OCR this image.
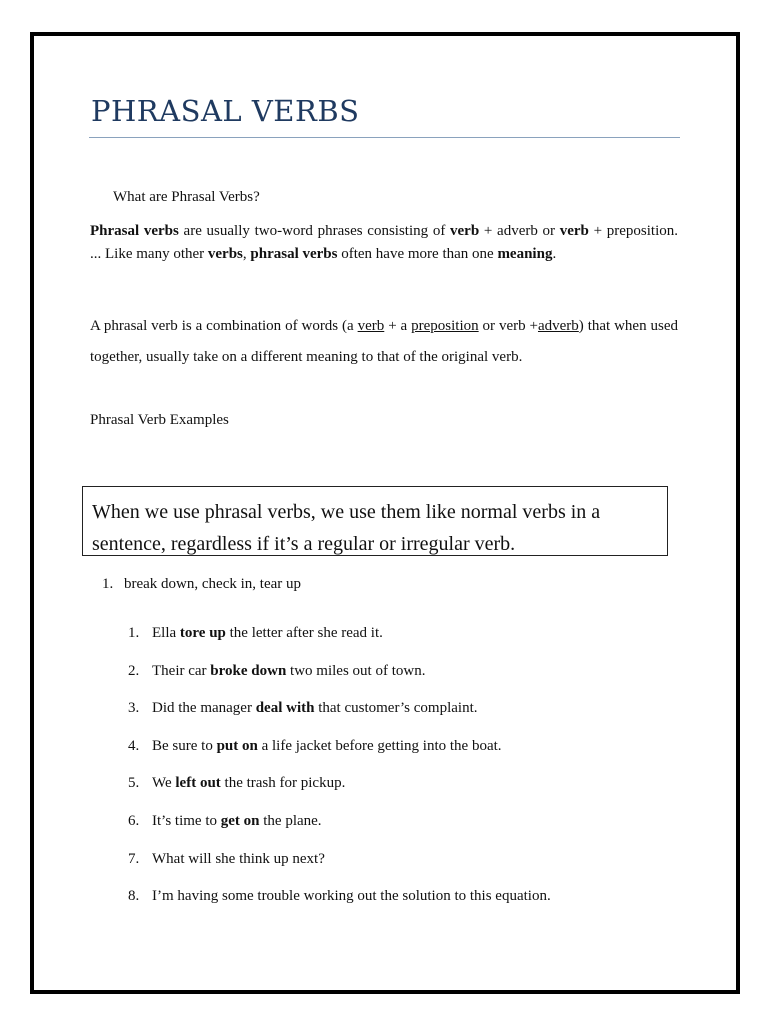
PHRASAL VERBS
What are Phrasal Verbs?

Phrasal verbs are usually two-word phrases consisting of verb + adverb or verb + preposition. ... Like many other verbs, phrasal verbs often have more than one meaning.

A phrasal verb is a combination of words (a verb + a preposition or verb +adverb) that when used together, usually take on a different meaning to that of the original verb.

Phrasal Verb Examples
When we use phrasal verbs, we use them like normal verbs in a sentence, regardless if it’s a regular or irregular verb.
1. break down, check in, tear up
1. Ella tore up the letter after she read it.
2. Their car broke down two miles out of town.
3. Did the manager deal with that customer’s complaint.
4. Be sure to put on a life jacket before getting into the boat.
5. We left out the trash for pickup.
6. It’s time to get on the plane.
7. What will she think up next?
8. I’m having some trouble working out the solution to this equation.
